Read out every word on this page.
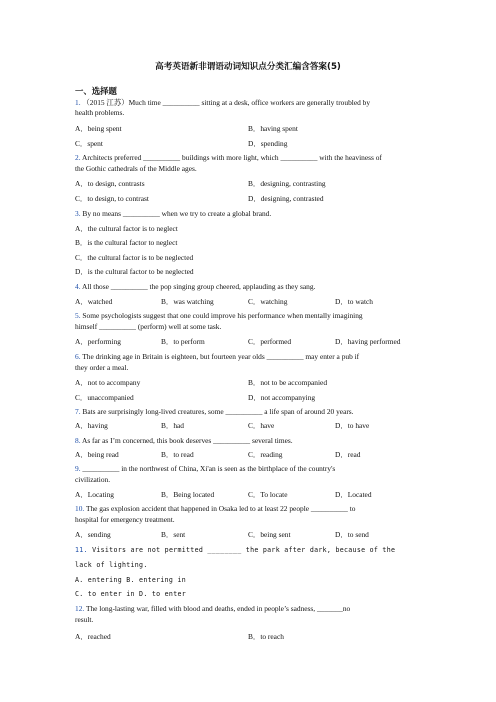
高考英语新非谓语动词知识点分类汇编含答案(5)
一、选择题
1. （2015 江苏）Much time __________ sitting at a desk, office workers are generally troubled by
health problems.
A．being spent	B．having spent
C．spent	D．spending
2. Architects preferred __________ buildings with more light, which __________ with the heaviness of
the Gothic cathedrals of the Middle ages.
A．to design, contrasts	B．designing, contrasting
C．to design, to contrast	D．designing, contrasted
3. By no means __________ when we try to create a global brand.
A．the cultural factor is to neglect
B．is the cultural factor to neglect
C．the cultural factor is to be neglected
D．is the cultural factor to be neglected
4. All those __________ the pop singing group cheered, applauding as they sang.
A．watched	B．was watching	C．watching	D．to watch
5. Some psychologists suggest that one could improve his performance when mentally imagining
himself __________ (perform) well at some task.
A．performing	B．to perform	C．performed	D．having performed
6. The drinking age in Britain is eighteen, but fourteen year olds __________ may enter a pub if
they order a meal.
A．not to accompany	B．not to be accompanied
C．unaccompanied	D．not accompanying
7. Bats are surprisingly long-lived creatures, some __________ a life span of around 20 years.
A．having	B．had	C．have	D．to have
8. As far as I’m concerned, this book deserves __________ several times.
A．being read	B．to read	C．reading	D．read
9. __________ in the northwest of China, Xi'an is seen as the birthplace of the country's
civilization.
A．Locating	B．Being located	C．To locate	D．Located
10. The gas explosion accident that happened in Osaka led to at least 22 people __________ to
hospital for emergency treatment.
A．sending	B．sent	C．being sent	D．to send
11. Visitors are not permitted ________ the park after dark, because of the
lack of lighting.
A. entering B. entering in
C. to enter in D. to enter
12. The long-lasting war, filled with blood and deaths, ended in people’s sadness, _______no
result.
A．reached	B．to reach
